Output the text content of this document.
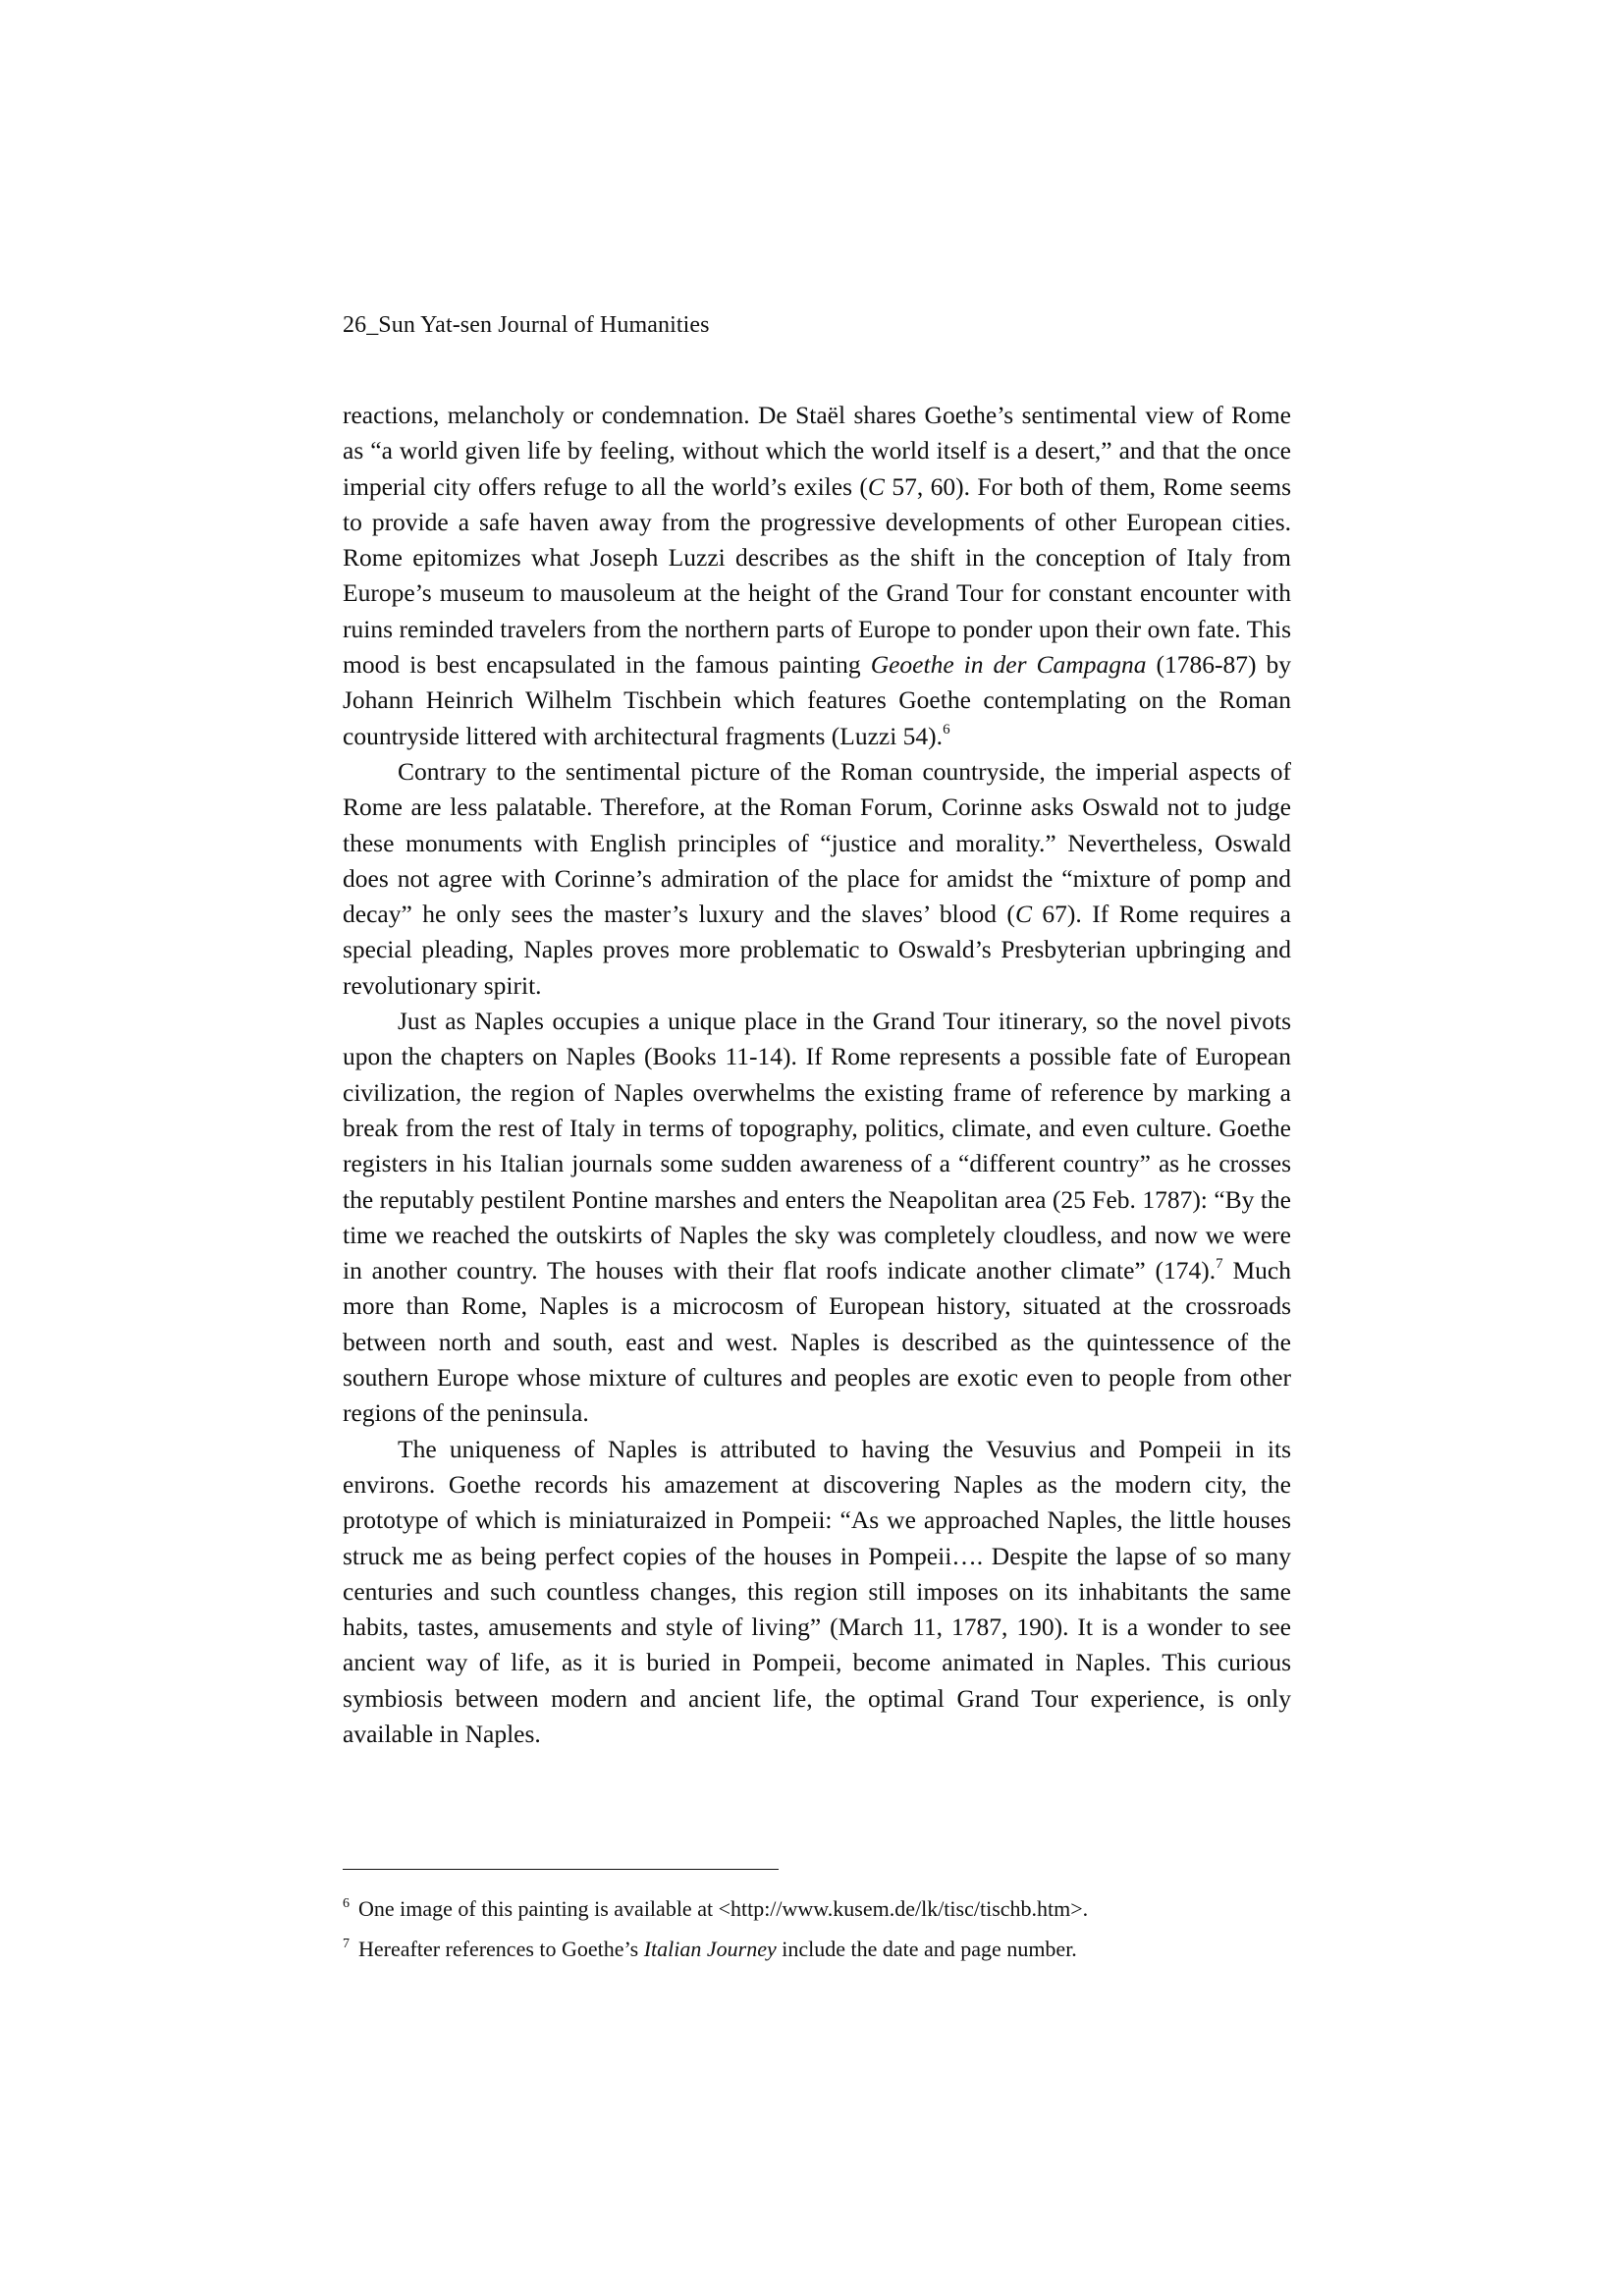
26_Sun Yat-sen Journal of Humanities

reactions, melancholy or condemnation. De Staël shares Goethe’s sentimental view of Rome as “a world given life by feeling, without which the world itself is a desert,” and that the once imperial city offers refuge to all the world’s exiles (C 57, 60). For both of them, Rome seems to provide a safe haven away from the progressive developments of other European cities. Rome epitomizes what Joseph Luzzi describes as the shift in the conception of Italy from Europe’s museum to mausoleum at the height of the Grand Tour for constant encounter with ruins reminded travelers from the northern parts of Europe to ponder upon their own fate. This mood is best encapsulated in the famous painting Geoethe in der Campagna (1786-87) by Johann Heinrich Wilhelm Tischbein which features Goethe contemplating on the Roman countryside littered with architectural fragments (Luzzi 54).$^6$

Contrary to the sentimental picture of the Roman countryside, the imperial aspects of Rome are less palatable. Therefore, at the Roman Forum, Corinne asks Oswald not to judge these monuments with English principles of “justice and morality.” Nevertheless, Oswald does not agree with Corinne’s admiration of the place for amidst the “mixture of pomp and decay” he only sees the master’s luxury and the slaves’ blood (C 67). If Rome requires a special pleading, Naples proves more problematic to Oswald’s Presbyterian upbringing and revolutionary spirit.

Just as Naples occupies a unique place in the Grand Tour itinerary, so the novel pivots upon the chapters on Naples (Books 11-14). If Rome represents a possible fate of European civilization, the region of Naples overwhelms the existing frame of reference by marking a break from the rest of Italy in terms of topography, politics, climate, and even culture. Goethe registers in his Italian journals some sudden awareness of a “different country” as he crosses the reputably pestilent Pontine marshes and enters the Neapolitan area (25 Feb. 1787): “By the time we reached the outskirts of Naples the sky was completely cloudless, and now we were in another country. The houses with their flat roofs indicate another climate” (174).$^7$ Much more than Rome, Naples is a microcosm of European history, situated at the crossroads between north and south, east and west. Naples is described as the quintessence of the southern Europe whose mixture of cultures and peoples are exotic even to people from other regions of the peninsula.

The uniqueness of Naples is attributed to having the Vesuvius and Pompeii in its environs. Goethe records his amazement at discovering Naples as the modern city, the prototype of which is miniaturaized in Pompeii: “As we approached Naples, the little houses struck me as being perfect copies of the houses in Pompeii…. Despite the lapse of so many centuries and such countless changes, this region still imposes on its inhabitants the same habits, tastes, amusements and style of living” (March 11, 1787, 190). It is a wonder to see ancient way of life, as it is buried in Pompeii, become animated in Naples. This curious symbiosis between modern and ancient life, the optimal Grand Tour experience, is only available in Naples.

$^6$ One image of this painting is available at <http://www.kusem.de/lk/tisc/tischb.htm>.

$^7$ Hereafter references to Goethe’s Italian Journey include the date and page number.
